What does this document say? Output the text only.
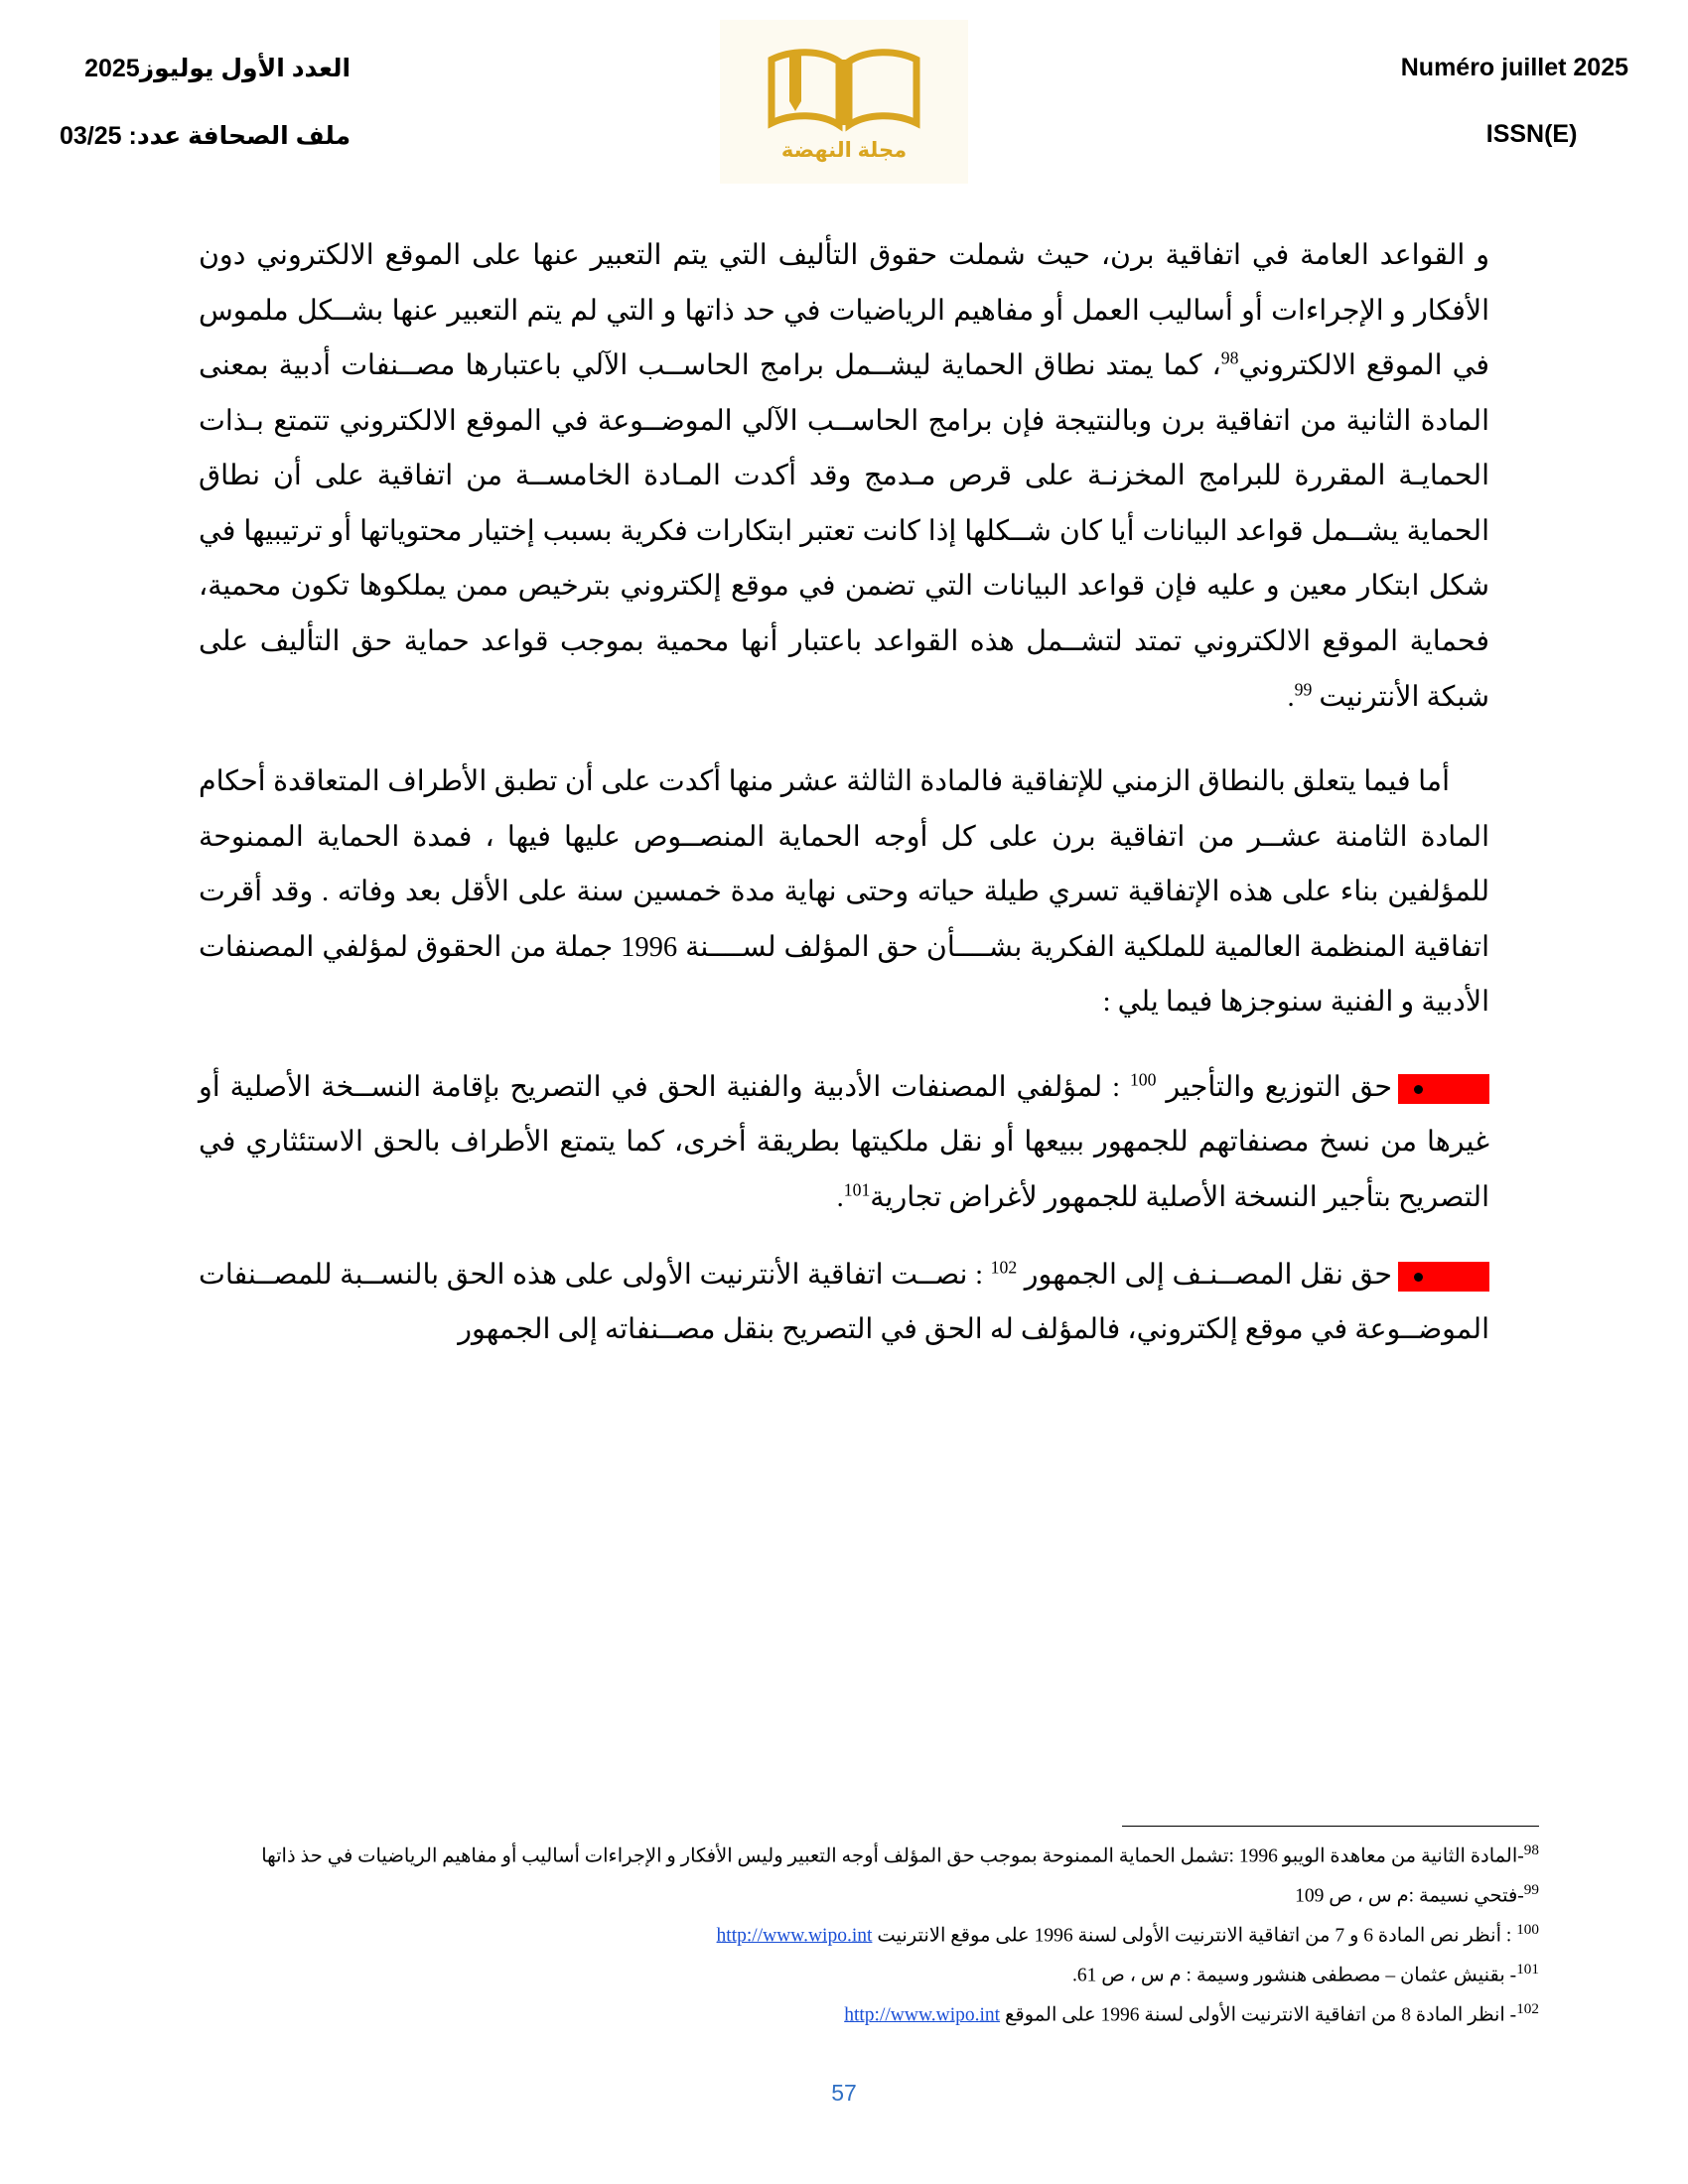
Numéro juillet 2025
ISSN(E)
العدد الأول يوليوز2025
ملف الصحافة عدد: 03/25	مجلة النهضة

و القواعد العامة في اتفاقية برن، حيث شملت حقوق التأليف التي يتم التعبير عنها على الموقع الالكتروني دون الأفكار و الإجراءات أو أساليب العمل أو مفاهيم الرياضيات في حد ذاتها و التي لم يتم التعبير عنها بشــكل ملموس في الموقع الالكتروني$^{98}$، كما يمتد نطاق الحماية ليشــمل برامج الحاســب الآلي باعتبارها مصــنفات أدبية بمعنى المادة الثانية من اتفاقية برن وبالنتيجة فإن برامج الحاســب الآلي الموضــوعة في الموقع الالكتروني تتمتع بـذات الحمايـة المقررة للبرامج المخزنـة على قرص مـدمج وقد أكدت المـادة الخامســة من اتفاقية على أن نطاق الحماية يشــمل قواعد البيانات أيا كان شــكلها إذا كانت تعتبر ابتكارات فكرية بسبب إختيار محتوياتها أو ترتيبيها في شكل ابتكار معين و عليه فإن قواعد البيانات التي تضمن في موقع إلكتروني بترخيص ممن يملكوها تكون محمية، فحماية الموقع الالكتروني تمتد لتشــمل هذه القواعد باعتبار أنها محمية بموجب قواعد حماية حق التأليف على شبكة الأنترنيت $^{99}$.

أما فيما يتعلق بالنطاق الزمني للإتفاقية فالمادة الثالثة عشر منها أكدت على أن تطبق الأطراف المتعاقدة أحكام المادة الثامنة عشــر من اتفاقية برن على كل أوجه الحماية المنصــوص عليها فيها ، فمدة الحماية الممنوحة للمؤلفين بناء على هذه الإتفاقية تسري طيلة حياته وحتى نهاية مدة خمسين سنة على الأقل بعد وفاته . وقد أقرت اتفاقية المنظمة العالمية للملكية الفكرية بشــــأن حق المؤلف لســــنة 1996 جملة من الحقوق لمؤلفي المصنفات الأدبية و الفنية سنوجزها فيما يلي :

حق التوزيع والتأجير $^{100}$ : لمؤلفي المصنفات الأدبية والفنية الحق في التصريح بإقامة النســخة الأصلية أو غيرها من نسخ مصنفاتهم للجمهور ببيعها أو نقل ملكيتها بطريقة أخرى، كما يتمتع الأطراف بالحق الاستئثاري في التصريح بتأجير النسخة الأصلية للجمهور لأغراض تجارية$^{101}$.
حق نقل المصــنـف إلى الجمهور $^{102}$ : نصــت اتفاقية الأنترنيت الأولى على هذه الحق بالنســبة للمصــنفات الموضــوعة في موقع إلكتروني، فالمؤلف له الحق في التصريح بنقل مصــنفاته إلى الجمهور

$^{98}$-المادة الثانية من معاهدة الويبو 1996 :تشمل الحماية الممنوحة بموجب حق المؤلف أوجه التعبير وليس الأفكار و الإجراءات أساليب أو مفاهيم الرياضيات في حذ ذاتها

$^{99}$-فتحي نسيمة :م س ، ص 109

$^{100}$ : أنظر نص المادة 6 و 7 من اتفاقية الانترنيت الأولى لسنة 1996 على موقع الانترنيت http://www.wipo.int

$^{101}$- بقنيش عثمان – مصطفى هنشور وسيمة : م س ، ص 61.

$^{102}$- انظر المادة 8 من اتفاقية الانترنيت الأولى لسنة 1996 على الموقع http://www.wipo.int

57
